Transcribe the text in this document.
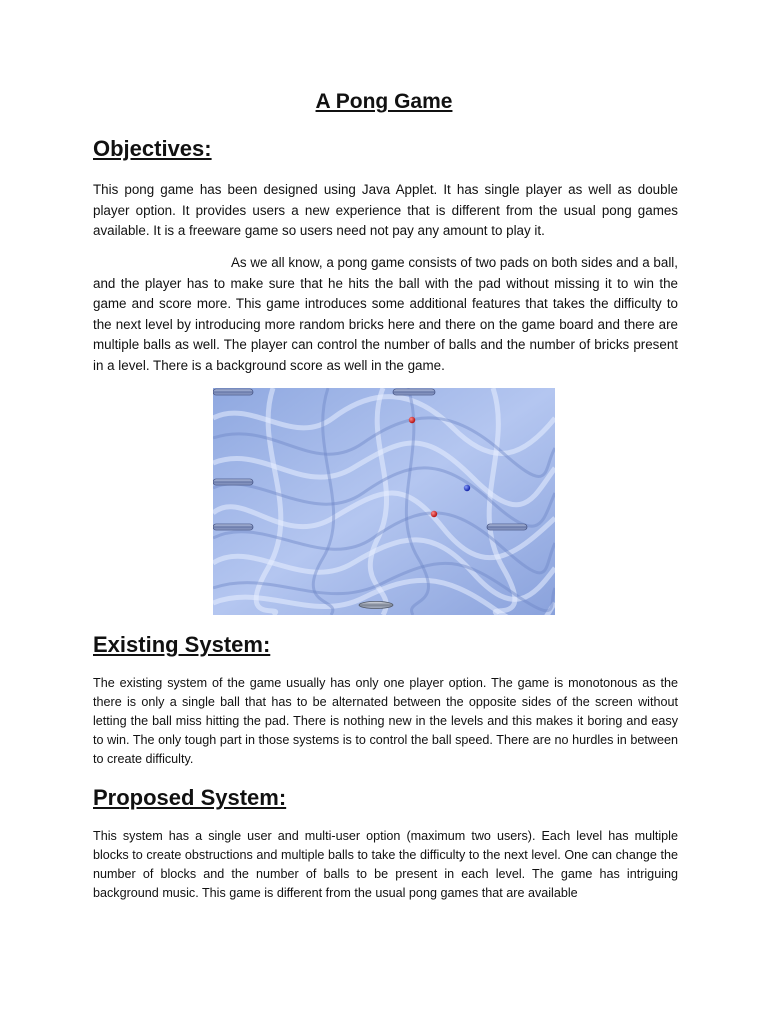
A Pong Game
Objectives:

This pong game has been designed using Java Applet. It has single player as well as double player option. It provides users a new experience that is different from the usual pong games available. It is a freeware game so users need not pay any amount to play it.

As we all know, a pong game consists of two pads on both sides and a ball, and the player has to make sure that he hits the ball with the pad without missing it to win the game and score more. This game introduces some additional features that takes the difficulty to the next level by introducing more random bricks here and there on the game board and there are multiple balls as well. The player can control the number of balls and the number of bricks present in a level. There is a background score as well in the game.

Existing System:

The existing system of the game usually has only one player option. The game is monotonous as the there is only a single ball that has to be alternated between the opposite sides of the screen without letting the ball miss hitting the pad. There is nothing new in the levels and this makes it boring and easy to win. The only tough part in those systems is to control the ball speed. There are no hurdles in between to create difficulty.

Proposed System:

This system has a single user and multi-user option (maximum two users). Each level has multiple blocks to create obstructions and multiple balls to take the difficulty to the next level. One can change the number of blocks and the number of balls to be present in each level. The game has intriguing background music. This game is different from the usual pong games that are available
